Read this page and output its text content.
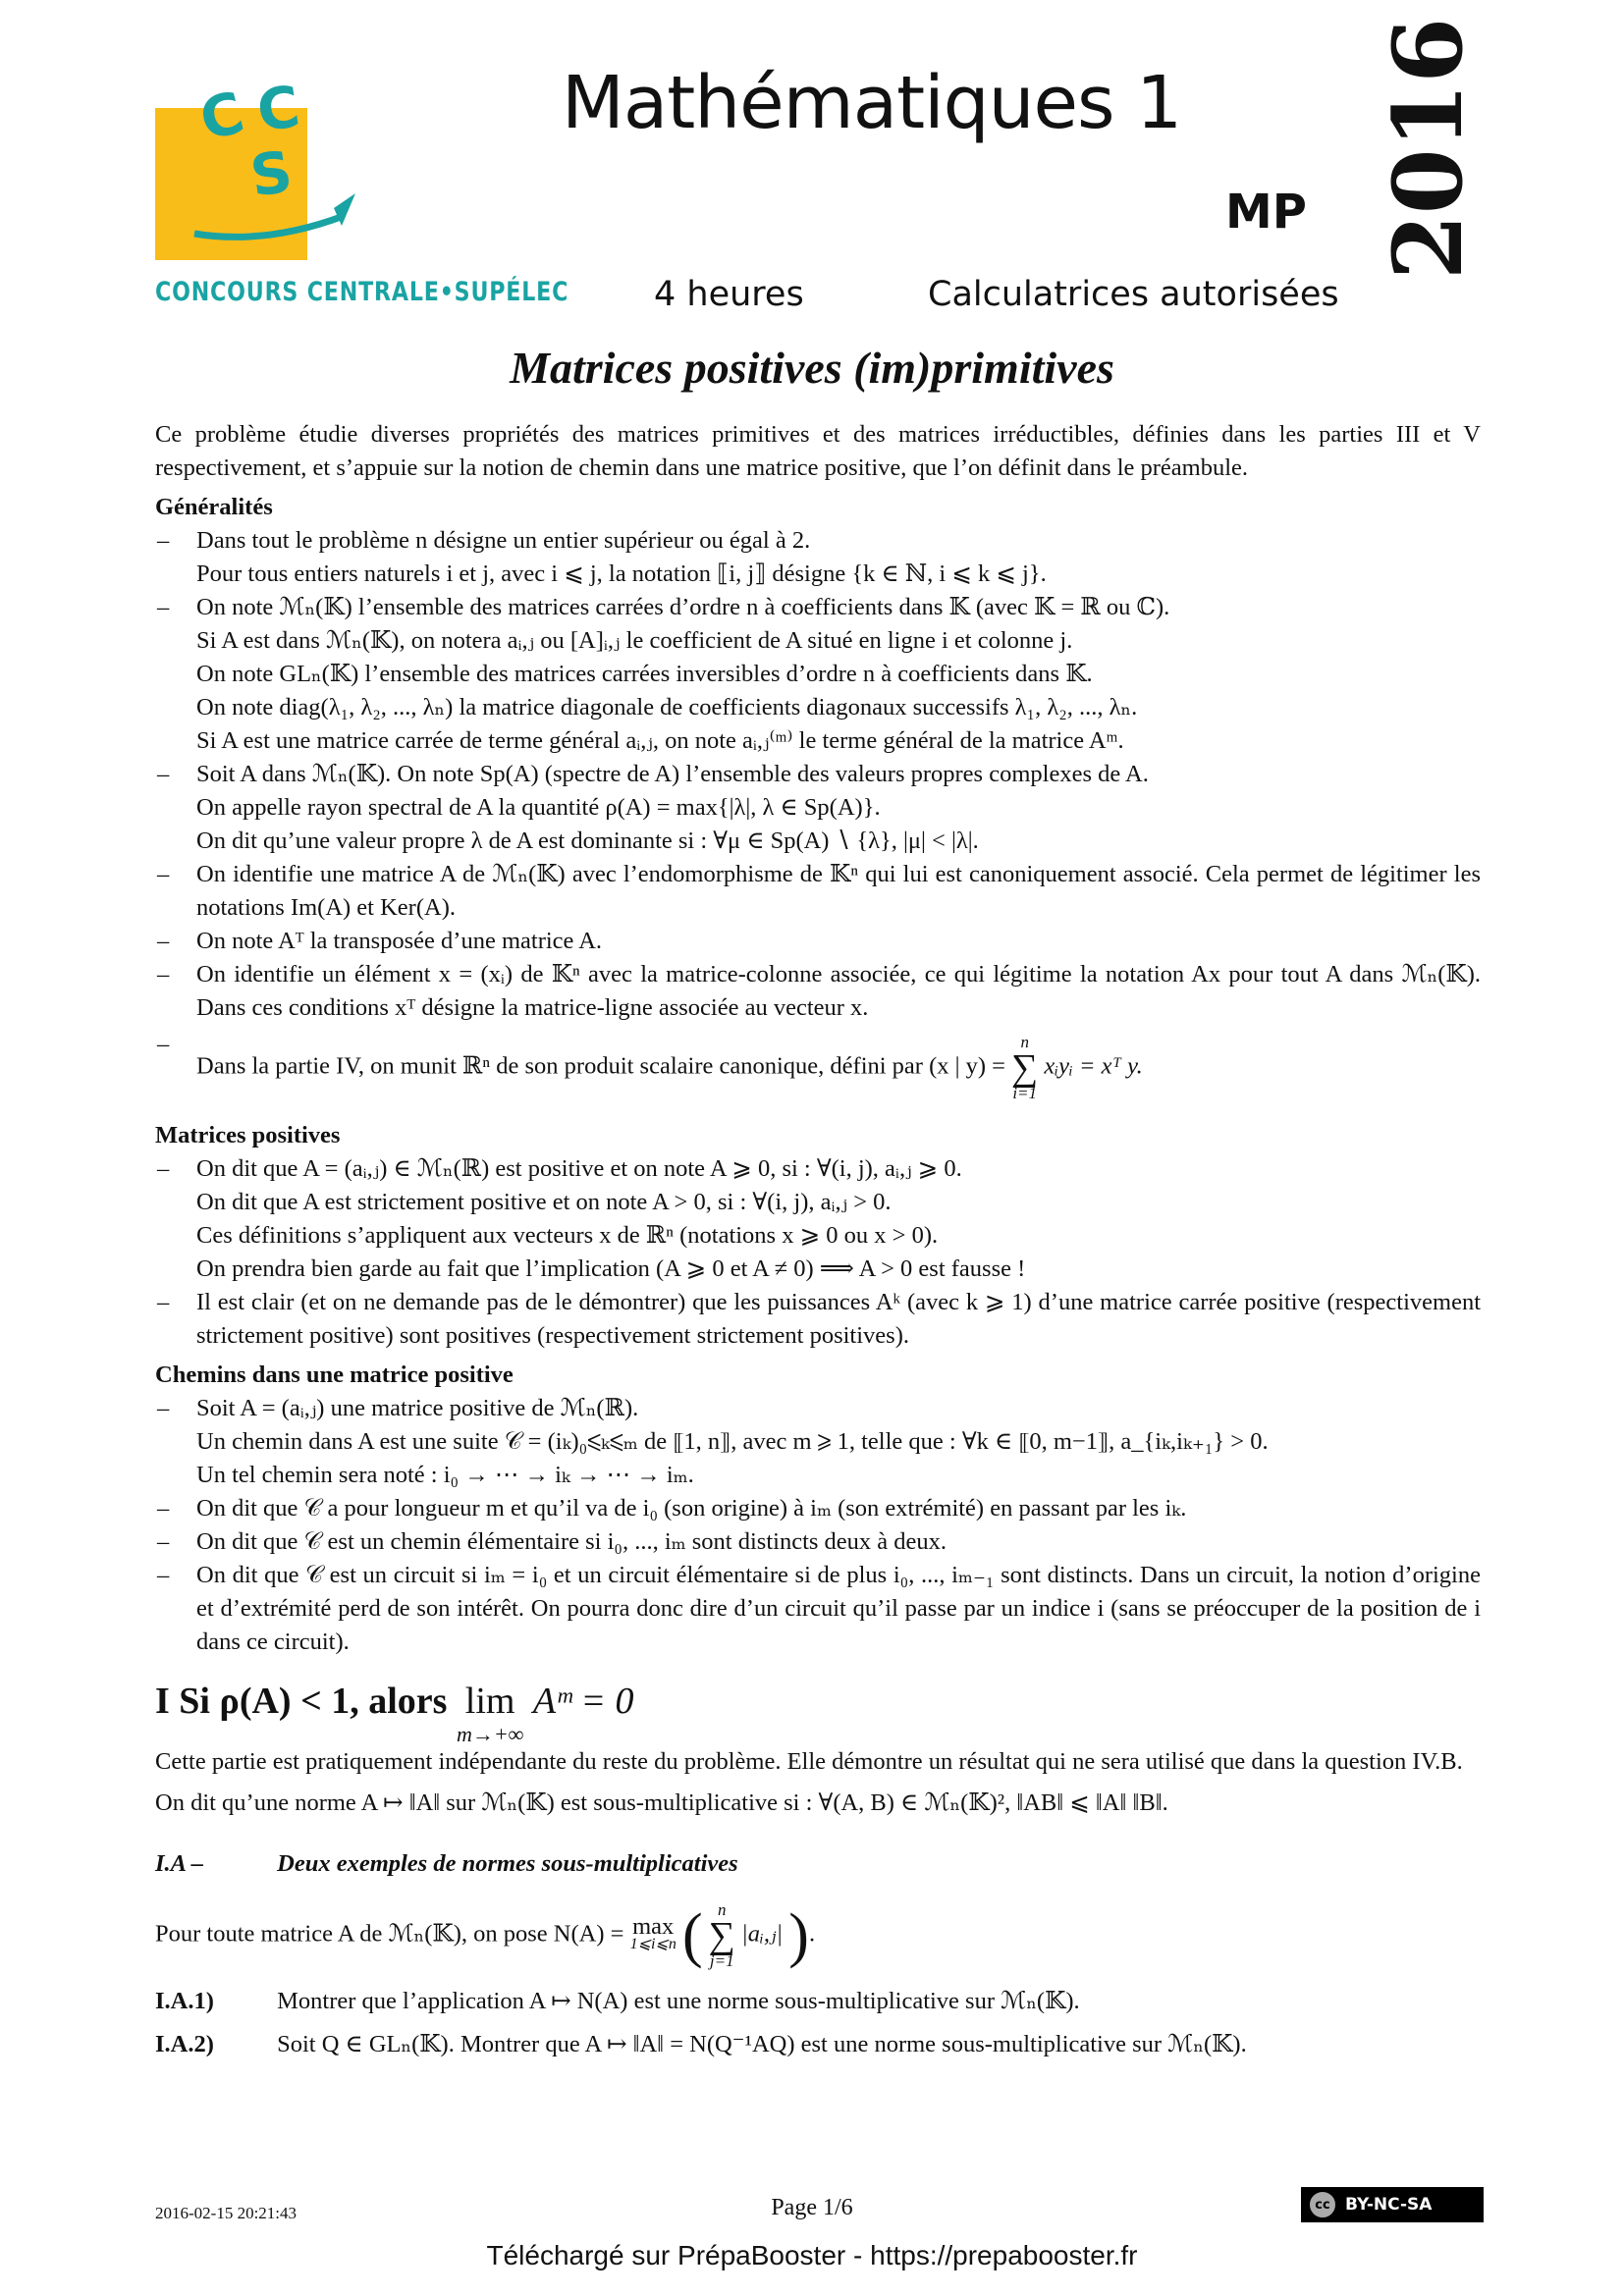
C C
S
CONCOURS CENTRALE•SUPÉLEC
Mathématiques 1
MP 2016
4 heures	Calculatrices autorisées
Matrices positives (im)primitives

Ce problème étudie diverses propriétés des matrices primitives et des matrices irréductibles, définies dans les parties III et V respectivement, et s’appuie sur la notion de chemin dans une matrice positive, que l’on définit dans le préambule.

Généralités

– Dans tout le problème n désigne un entier supérieur ou égal à 2.
Pour tous entiers naturels i et j, avec i ⩽ j, la notation ⟦i, j⟧ désigne {k ∈ ℕ, i ⩽ k ⩽ j}.
– On note ℳₙ(𝕂) l’ensemble des matrices carrées d’ordre n à coefficients dans 𝕂 (avec 𝕂 = ℝ ou ℂ).
Si A est dans ℳₙ(𝕂), on notera aᵢ,ⱼ ou [A]ᵢ,ⱼ le coefficient de A situé en ligne i et colonne j.
On note GLₙ(𝕂) l’ensemble des matrices carrées inversibles d’ordre n à coefficients dans 𝕂.
On note diag(λ₁, λ₂, ..., λₙ) la matrice diagonale de coefficients diagonaux successifs λ₁, λ₂, ..., λₙ.
Si A est une matrice carrée de terme général aᵢ,ⱼ, on note aᵢ,ⱼ⁽ᵐ⁾ le terme général de la matrice Aᵐ.
– Soit A dans ℳₙ(𝕂). On note Sp(A) (spectre de A) l’ensemble des valeurs propres complexes de A.
On appelle rayon spectral de A la quantité ρ(A) = max{|λ|, λ ∈ Sp(A)}.
On dit qu’une valeur propre λ de A est dominante si : ∀μ ∈ Sp(A) ∖ {λ}, |μ| < |λ|.
– On identifie une matrice A de ℳₙ(𝕂) avec l’endomorphisme de 𝕂ⁿ qui lui est canoniquement associé. Cela permet de légitimer les notations Im(A) et Ker(A).
– On note Aᵀ la transposée d’une matrice A.
– On identifie un élément x = (xᵢ) de 𝕂ⁿ avec la matrice-colonne associée, ce qui légitime la notation Ax pour tout A dans ℳₙ(𝕂). Dans ces conditions xᵀ désigne la matrice-ligne associée au vecteur x.
– Dans la partie IV, on munit ℝⁿ de son produit scalaire canonique, défini par (x | y) =
n
∑
i=1
xᵢyᵢ = xᵀ y.

Matrices positives

– On dit que A = (aᵢ,ⱼ) ∈ ℳₙ(ℝ) est positive et on note A ⩾ 0, si : ∀(i, j), aᵢ,ⱼ ⩾ 0.
On dit que A est strictement positive et on note A > 0, si : ∀(i, j), aᵢ,ⱼ > 0.
Ces définitions s’appliquent aux vecteurs x de ℝⁿ (notations x ⩾ 0 ou x > 0).
On prendra bien garde au fait que l’implication (A ⩾ 0 et A ≠ 0) ⟹ A > 0 est fausse !
– Il est clair (et on ne demande pas de le démontrer) que les puissances Aᵏ (avec k ⩾ 1) d’une matrice carrée positive (respectivement strictement positive) sont positives (respectivement strictement positives).

Chemins dans une matrice positive

– Soit A = (aᵢ,ⱼ) une matrice positive de ℳₙ(ℝ).
Un chemin dans A est une suite 𝒞 = (iₖ)₀⩽ₖ⩽ₘ de ⟦1, n⟧, avec m ⩾ 1, telle que : ∀k ∈ ⟦0, m−1⟧, a_{iₖ,iₖ₊₁} > 0.
Un tel chemin sera noté : i₀ → ⋯ → iₖ → ⋯ → iₘ.
– On dit que 𝒞 a pour longueur m et qu’il va de i₀ (son origine) à iₘ (son extrémité) en passant par les iₖ.
– On dit que 𝒞 est un chemin élémentaire si i₀, ..., iₘ sont distincts deux à deux.
– On dit que 𝒞 est un circuit si iₘ = i₀ et un circuit élémentaire si de plus i₀, ..., iₘ₋₁ sont distincts. Dans un circuit, la notion d’origine et d’extrémité perd de son intérêt. On pourra donc dire d’un circuit qu’il passe par un indice i (sans se préoccuper de la position de i dans ce circuit).

I Si ρ(A) < 1, alors lim
m→+∞
Aᵐ = 0

Cette partie est pratiquement indépendante du reste du problème. Elle démontre un résultat qui ne sera utilisé que dans la question IV.B.

On dit qu’une norme A ↦ ‖A‖ sur ℳₙ(𝕂) est sous-multiplicative si : ∀(A, B) ∈ ℳₙ(𝕂)², ‖AB‖ ⩽ ‖A‖ ‖B‖.

I.A –	Deux exemples de normes sous-multiplicatives

Pour toute matrice A de ℳₙ(𝕂), on pose N(A) = max
1⩽i⩽n ( n
∑
j=1
|aᵢ,ⱼ| ).

I.A.1)	Montrer que l’application A ↦ N(A) est une norme sous-multiplicative sur ℳₙ(𝕂).

I.A.2)	Soit Q ∈ GLₙ(𝕂). Montrer que A ↦ ‖A‖ = N(Q⁻¹AQ) est une norme sous-multiplicative sur ℳₙ(𝕂).

2016-02-15 20:21:43	Page 1/6	cc BY-NC-SA
Téléchargé sur PrépaBooster - https://prepabooster.fr
